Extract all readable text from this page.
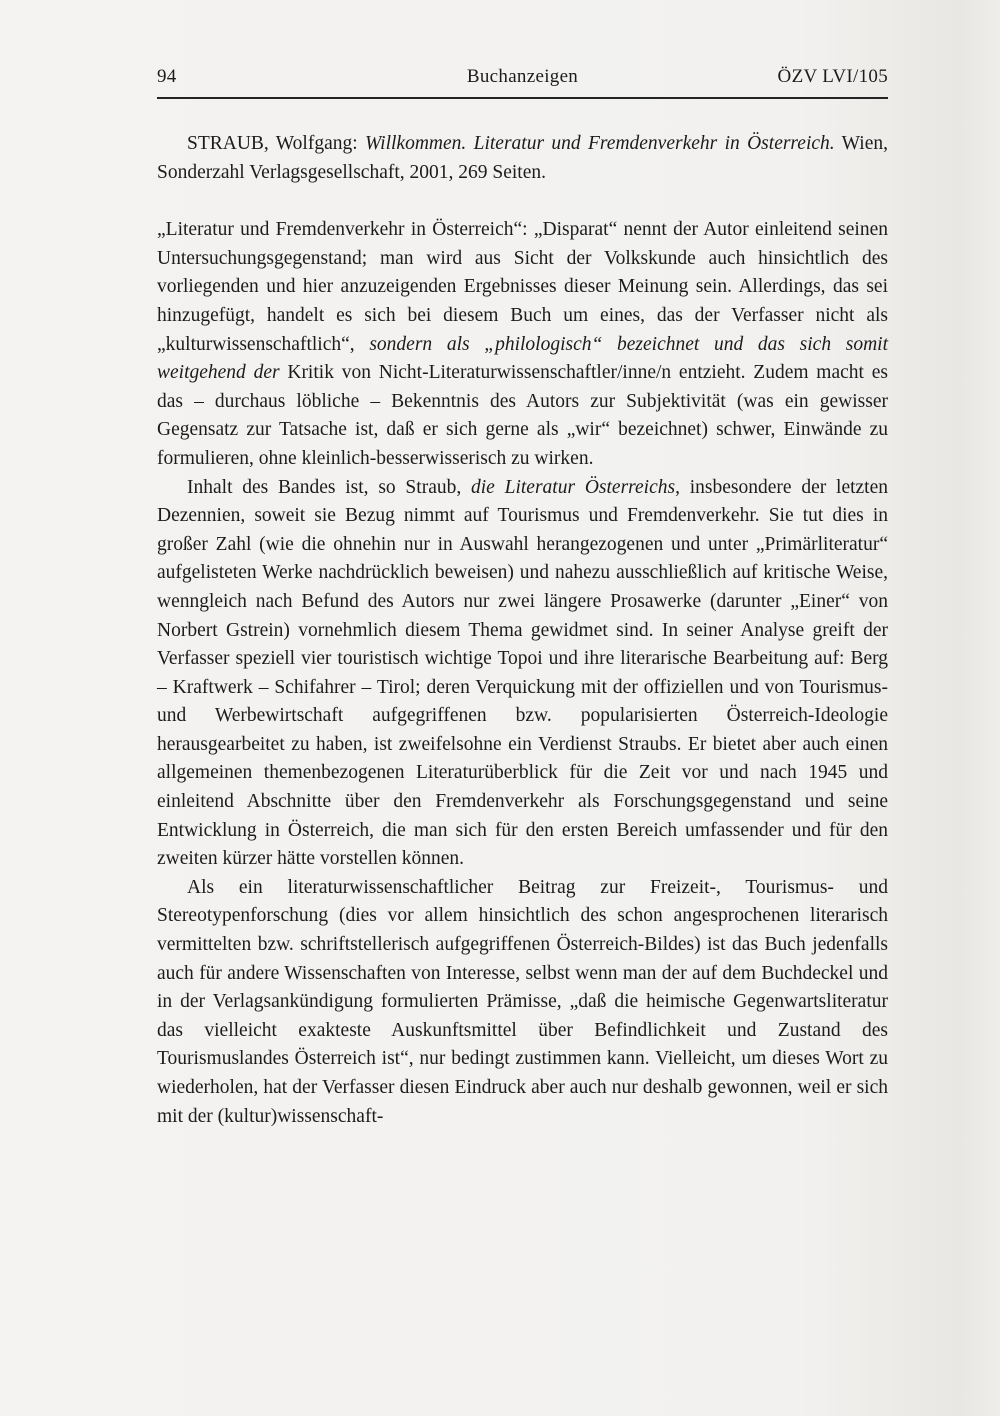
94	Buchanzeigen	ÖZV LVI/105

STRAUB, Wolfgang: Willkommen. Literatur und Fremdenverkehr in Österreich. Wien, Sonderzahl Verlagsgesellschaft, 2001, 269 Seiten.

„Literatur und Fremdenverkehr in Österreich“: „Disparat“ nennt der Autor einleitend seinen Untersuchungsgegenstand; man wird aus Sicht der Volkskunde auch hinsichtlich des vorliegenden und hier anzuzeigenden Ergebnisses dieser Meinung sein. Allerdings, das sei hinzugefügt, handelt es sich bei diesem Buch um eines, das der Verfasser nicht als „kulturwissenschaftlich“, sondern als „philologisch“ bezeichnet und das sich somit weitgehend der Kritik von Nicht-Literaturwissenschaftler/inne/n entzieht. Zudem macht es das – durchaus löbliche – Bekenntnis des Autors zur Subjektivität (was ein gewisser Gegensatz zur Tatsache ist, daß er sich gerne als „wir“ bezeichnet) schwer, Einwände zu formulieren, ohne kleinlich-besserwisserisch zu wirken.

Inhalt des Bandes ist, so Straub, die Literatur Österreichs, insbesondere der letzten Dezennien, soweit sie Bezug nimmt auf Tourismus und Fremdenverkehr. Sie tut dies in großer Zahl (wie die ohnehin nur in Auswahl herangezogenen und unter „Primärliteratur“ aufgelisteten Werke nachdrücklich beweisen) und nahezu ausschließlich auf kritische Weise, wenngleich nach Befund des Autors nur zwei längere Prosawerke (darunter „Einer“ von Norbert Gstrein) vornehmlich diesem Thema gewidmet sind. In seiner Analyse greift der Verfasser speziell vier touristisch wichtige Topoi und ihre literarische Bearbeitung auf: Berg – Kraftwerk – Schifahrer – Tirol; deren Verquickung mit der offiziellen und von Tourismus- und Werbewirtschaft aufgegriffenen bzw. popularisierten Österreich-Ideologie herausgearbeitet zu haben, ist zweifelsohne ein Verdienst Straubs. Er bietet aber auch einen allgemeinen themenbezogenen Literaturüberblick für die Zeit vor und nach 1945 und einleitend Abschnitte über den Fremdenverkehr als Forschungsgegenstand und seine Entwicklung in Österreich, die man sich für den ersten Bereich umfassender und für den zweiten kürzer hätte vorstellen können.

Als ein literaturwissenschaftlicher Beitrag zur Freizeit-, Tourismus- und Stereotypenforschung (dies vor allem hinsichtlich des schon angesprochenen literarisch vermittelten bzw. schriftstellerisch aufgegriffenen Österreich-Bildes) ist das Buch jedenfalls auch für andere Wissenschaften von Interesse, selbst wenn man der auf dem Buchdeckel und in der Verlagsankündigung formulierten Prämisse, „daß die heimische Gegenwartsliteratur das vielleicht exakteste Auskunftsmittel über Befindlichkeit und Zustand des Tourismuslandes Österreich ist“, nur bedingt zustimmen kann. Vielleicht, um dieses Wort zu wiederholen, hat der Verfasser diesen Eindruck aber auch nur deshalb gewonnen, weil er sich mit der (kultur)wissenschaft-
